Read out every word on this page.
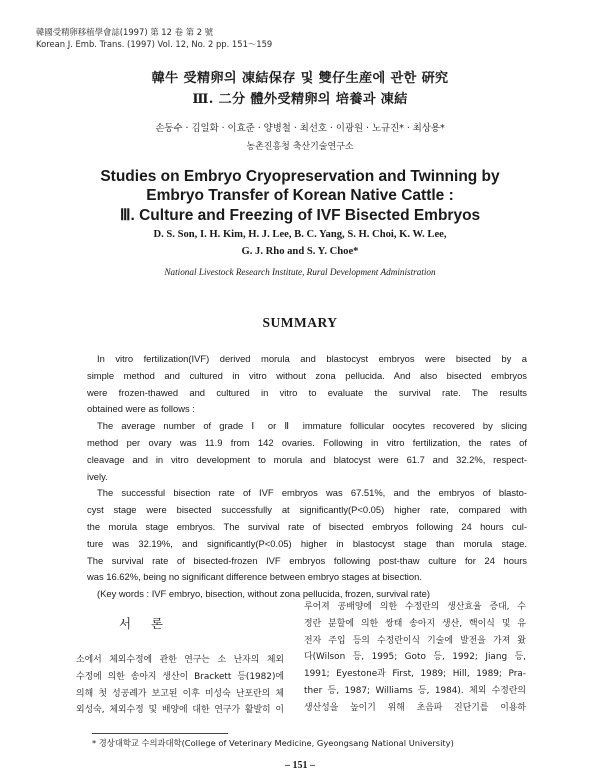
韓國受精卵移植學會誌(1997) 第 12 卷 第 2 號
Korean J. Emb. Trans. (1997) Vol. 12, No. 2 pp. 151～159
韓牛 受精卵의 凍結保存 및 雙仔生産에 관한 硏究
Ⅲ. 二分 體外受精卵의 培養과 凍結
손동수 · 김일화 · 이효준 · 양병철 · 최선호 · 이광원 · 노규진* · 최상용*
농촌진흥청 축산기술연구소
Studies on Embryo Cryopreservation and Twinning by
Embryo Transfer of Korean Native Cattle :
Ⅲ. Culture and Freezing of IVF Bisected Embryos
D. S. Son, I. H. Kim, H. J. Lee, B. C. Yang, S. H. Choi, K. W. Lee,
G. J. Rho and S. Y. Choe*
National Livestock Research Institute, Rural Development Administration
SUMMARY
In vitro fertilization(IVF) derived morula and blastocyst embryos were bisected by a
simple method and cultured in vitro without zona pellucida. And also bisected embryos
were frozen-thawed and cultured in vitro to evaluate the survival rate. The results
obtained were as follows :
The average number of grade Ⅰ or Ⅱ immature follicular oocytes recovered by slicing
method per ovary was 11.9 from 142 ovaries. Following in vitro fertilization, the rates of
cleavage and in vitro development to morula and blatocyst were 61.7 and 32.2%, respect-
ively.
The successful bisection rate of IVF embryos was 67.51%, and the embryos of blasto-
cyst stage were bisected successfully at significantly(P<0.05) higher rate, compared with
the morula stage embryos. The survival rate of bisected embryos following 24 hours cul-
ture was 32.19%, and significantly(P<0.05) higher in blastocyst stage than morula stage.
The survival rate of bisected-frozen IVF embryos following post-thaw culture for 24 hours
was 16.62%, being no significant difference between embryo stages at bisection.
(Key words : IVF embryo, bisection, without zona pellucida, frozen, survival rate)
서 론
소에서 체외수정에 관한 연구는 소 난자의 체외
수정에 의한 송아지 생산이 Brackett 등(1982)에
의해 첫 성공례가 보고된 이후 미성숙 난포란의 체
외성숙, 체외수정 및 배양에 대한 연구가 활발히 이
루어져 공배양에 의한 수정란의 생산효율 증대, 수
정란 분할에 의한 쌍태 송아지 생산, 핵이식 및 유
전자 주입 등의 수정란이식 기술에 발전을 가져 왔
다(Wilson 등, 1995; Goto 등, 1992; Jiang 등,
1991; Eyestone과 First, 1989; Hill, 1989; Pra-
ther 등, 1987; Williams 등, 1984). 체외 수정란의
생산성을 높이기 위해 초음파 진단기를 이용하
* 경상대학교 수의과대학(College of Veterinary Medicine, Gyeongsang National University)
– 151 –
